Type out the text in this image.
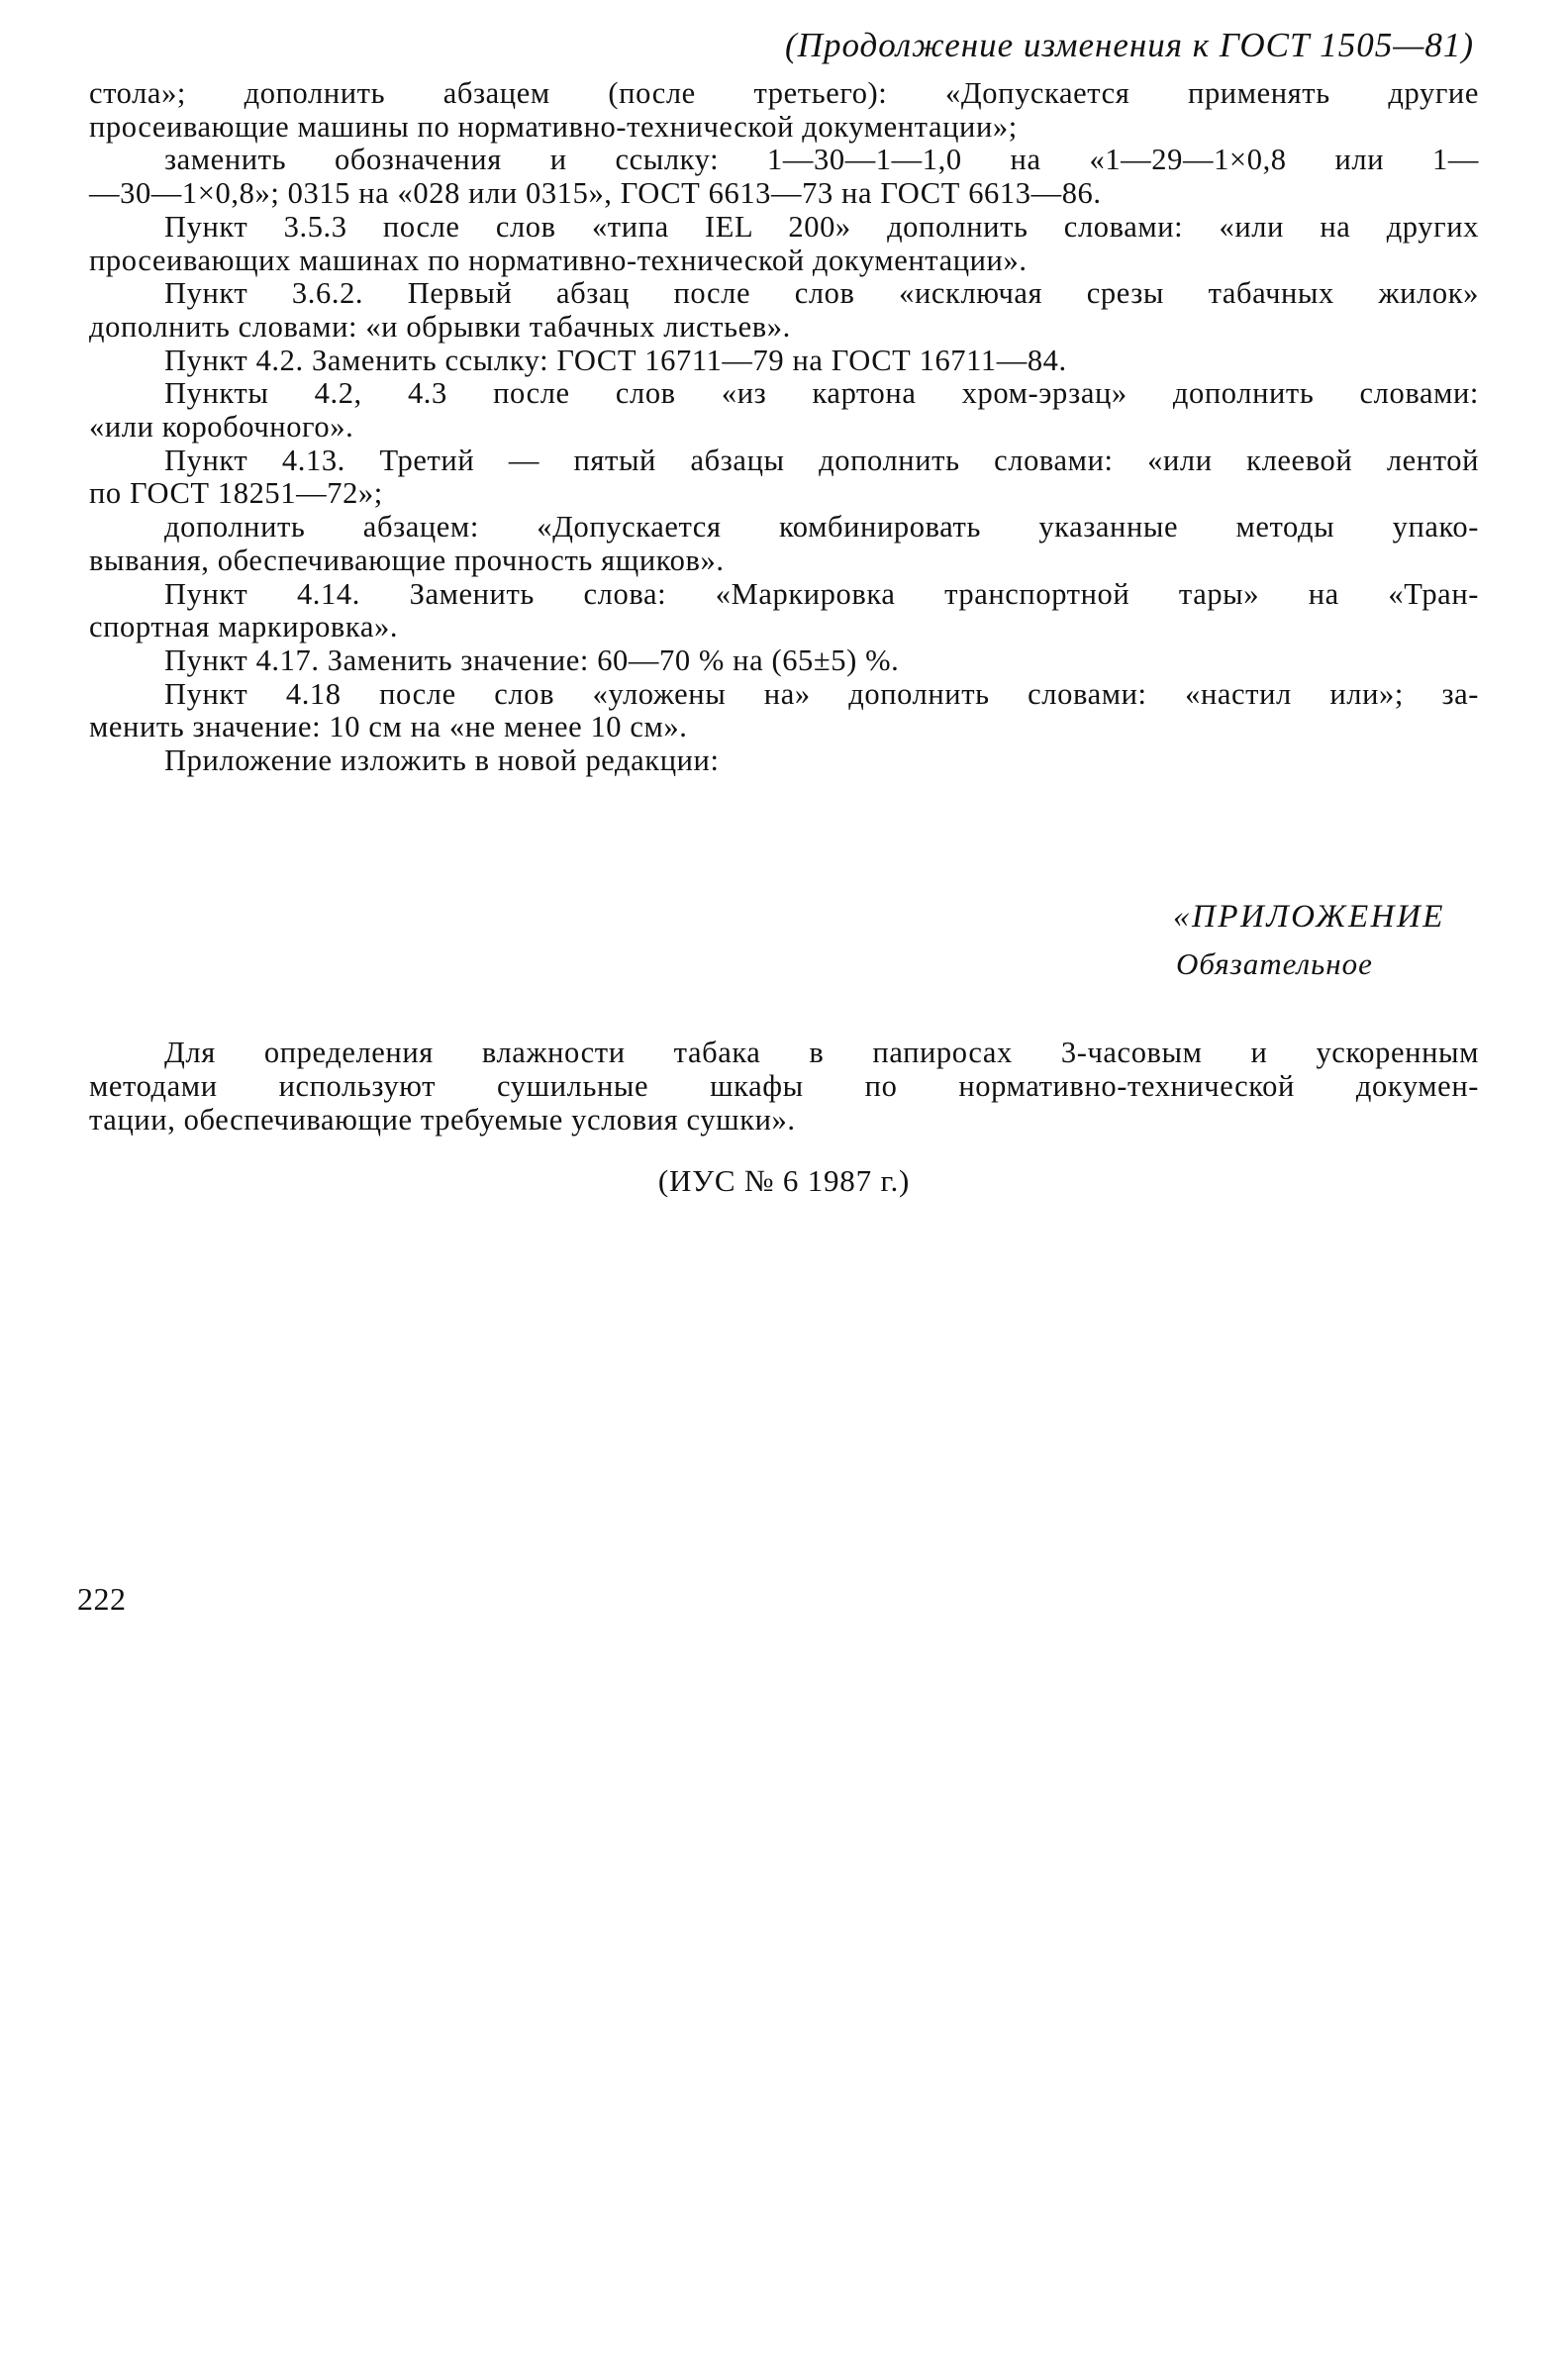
(Продолжение изменения к ГОСТ 1505—81)
стола»; дополнить абзацем (после третьего): «Допускается применять другие
просеивающие машины по нормативно-технической документации»;
заменить обозначения и ссылку: 1—30—1—1,0 на «1—29—1×0,8 или 1—
—30—1×0,8»; 0315 на «028 или 0315», ГОСТ 6613—73 на ГОСТ 6613—86.
Пункт 3.5.3 после слов «типа IEL 200» дополнить словами: «или на других
просеивающих машинах по нормативно-технической документации».
Пункт 3.6.2. Первый абзац после слов «исключая срезы табачных жилок»
дополнить словами: «и обрывки табачных листьев».
Пункт 4.2. Заменить ссылку: ГОСТ 16711—79 на ГОСТ 16711—84.
Пункты 4.2, 4.3 после слов «из картона хром-эрзац» дополнить словами:
«или коробочного».
Пункт 4.13. Третий — пятый абзацы дополнить словами: «или клеевой лентой
по ГОСТ 18251—72»;
дополнить абзацем: «Допускается комбинировать указанные методы упако-
вывания, обеспечивающие прочность ящиков».
Пункт 4.14. Заменить слова: «Маркировка транспортной тары» на «Тран-
спортная маркировка».
Пункт 4.17. Заменить значение: 60—70 % на (65±5) %.
Пункт 4.18 после слов «уложены на» дополнить словами: «настил или»; за-
менить значение: 10 см на «не менее 10 см».
Приложение изложить в новой редакции:
«ПРИЛОЖЕНИЕ
Обязательное
Для определения влажности табака в папиросах 3-часовым и ускоренным
методами используют сушильные шкафы по нормативно-технической докумен-
тации, обеспечивающие требуемые условия сушки».
(ИУС № 6 1987 г.)
222
